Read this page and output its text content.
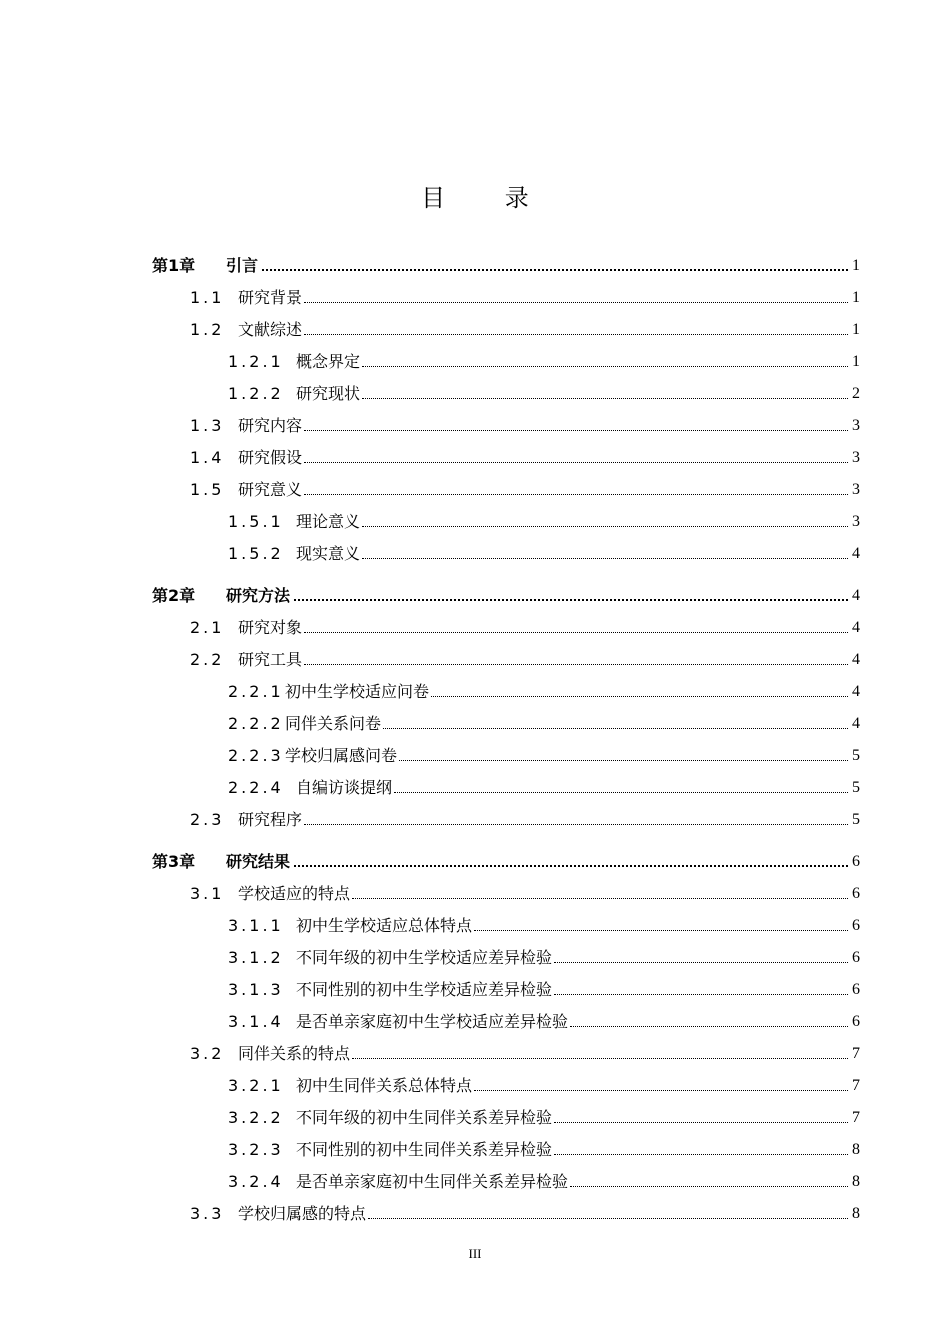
目 录
第1章	引言	1
1.1 研究背景	1
1.2 文献综述	1
1.2.1 概念界定	1
1.2.2 研究现状	2
1.3 研究内容	3
1.4 研究假设	3
1.5 研究意义	3
1.5.1 理论意义	3
1.5.2 现实意义	4
第2章	研究方法	4
2.1 研究对象	4
2.2 研究工具	4
2.2.1 初中生学校适应问卷	4
2.2.2 同伴关系问卷	4
2.2.3 学校归属感问卷	5
2.2.4 自编访谈提纲	5
2.3 研究程序	5
第3章	研究结果	6
3.1 学校适应的特点	6
3.1.1 初中生学校适应总体特点	6
3.1.2 不同年级的初中生学校适应差异检验	6
3.1.3 不同性别的初中生学校适应差异检验	6
3.1.4 是否单亲家庭初中生学校适应差异检验	6
3.2 同伴关系的特点	7
3.2.1 初中生同伴关系总体特点	7
3.2.2 不同年级的初中生同伴关系差异检验	7
3.2.3 不同性别的初中生同伴关系差异检验	8
3.2.4 是否单亲家庭初中生同伴关系差异检验	8
3.3 学校归属感的特点	8
III
